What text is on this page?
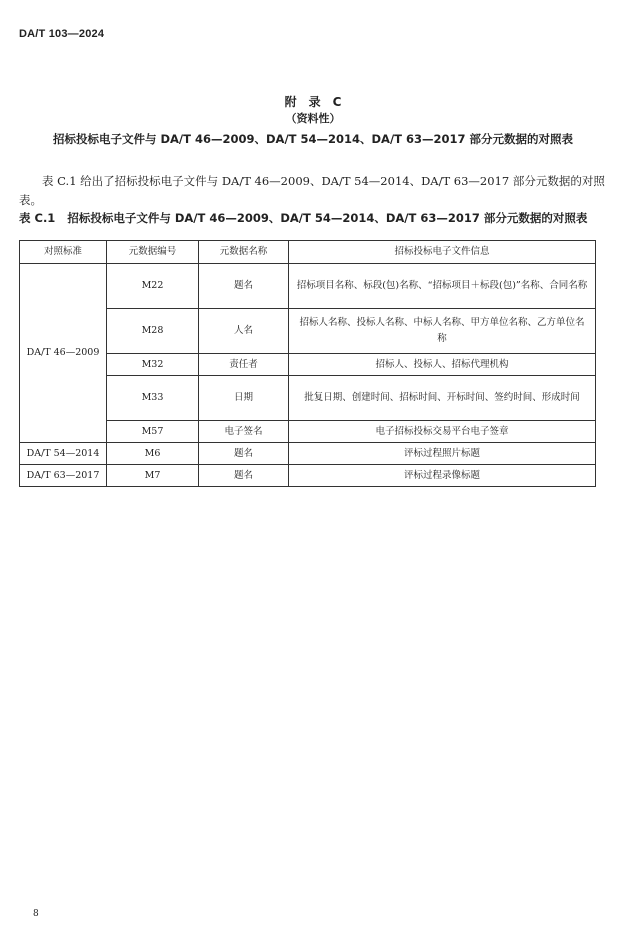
DA/T 103—2024
附　录　C
（资料性）
招标投标电子文件与 DA/T 46—2009、DA/T 54—2014、DA/T 63—2017 部分元数据的对照表

表 C.1 给出了招标投标电子文件与 DA/T 46—2009、DA/T 54—2014、DA/T 63—2017 部分元数据的对照表。

表 C.1 招标投标电子文件与 DA/T 46—2009、DA/T 54—2014、DA/T 63—2017 部分元数据的对照表
对照标准	元数据编号	元数据名称	招标投标电子文件信息
DA/T 46—2009	M22	题名	招标项目名称、标段(包)名称、“招标项目＋标段(包)”名称、合同名称
	M28	人名	招标人名称、投标人名称、中标人名称、甲方单位名称、乙方单位名称
	M32	责任者	招标人、投标人、招标代理机构
	M33	日期	批复日期、创建时间、招标时间、开标时间、签约时间、形成时间
	M57	电子签名	电子招标投标交易平台电子签章
DA/T 54—2014	M6	题名	评标过程照片标题
DA/T 63—2017	M7	题名	评标过程录像标题
8
